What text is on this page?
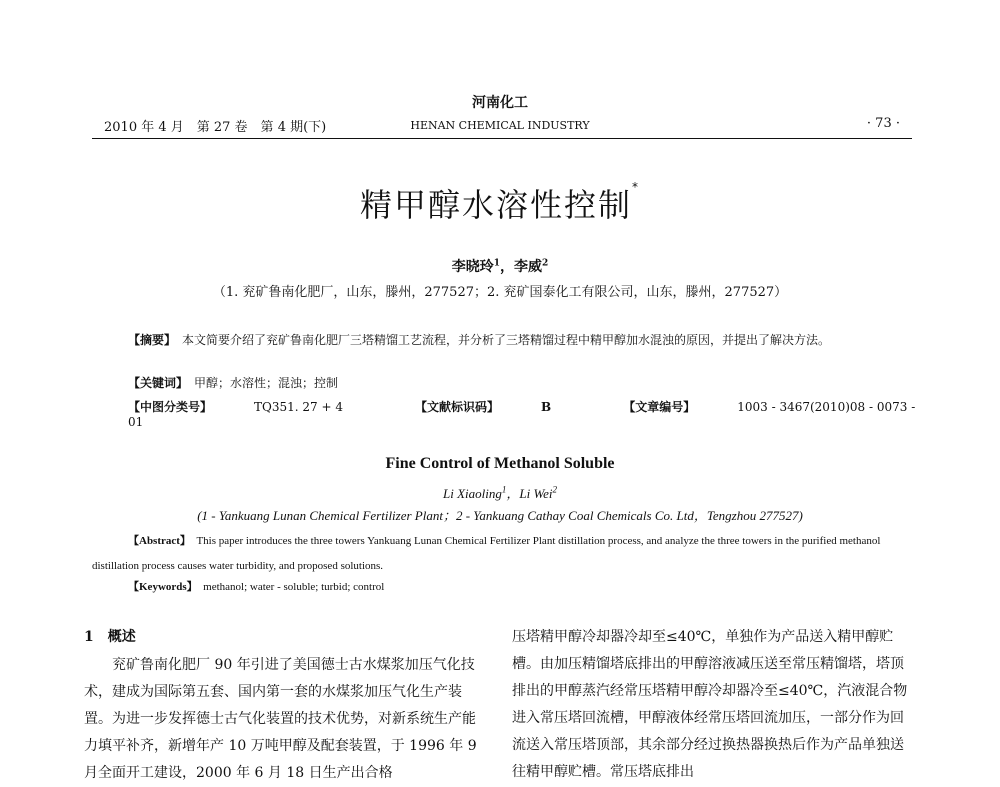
河南化工
2010 年 4 月　第 27 卷　第 4 期(下)	HENAN CHEMICAL INDUSTRY	· 73 ·
精甲醇水溶性控制*
李晓玲$^1$，李威$^2$
（1. 兖矿鲁南化肥厂，山东，滕州，277527；2. 兖矿国泰化工有限公司，山东，滕州，277527）
【摘要】　 本文简要介绍了兖矿鲁南化肥厂三塔精馏工艺流程，并分析了三塔精馏过程中精甲醇加水混浊的原因，并提出了解决方法。
【关键词】　 甲醇；水溶性；混浊；控制
【中图分类号】　	TQ351. 27 + 4	【文献标识码】　	B	【文章编号】　	1003 - 3467(2010)08 - 0073 - 01
Fine Control of Methanol Soluble
Li Xiaoling$^1$，Li Wei$^2$
(1 - Yankuang Lunan Chemical Fertilizer Plant；2 - Yankuang Cathay Coal Chemicals Co. Ltd，Tengzhou 277527)
【Abstract】　 This paper introduces the three towers Yankuang Lunan Chemical Fertilizer Plant distillation process, and analyze the three towers in the purified methanol distillation process causes water turbidity, and proposed solutions.
【Keywords】　 methanol; water - soluble; turbid; control
1　概述
兖矿鲁南化肥厂 90 年引进了美国德士古水煤浆加压气化技术，建成为国际第五套、国内第一套的水煤浆加压气化生产装置。为进一步发挥德士古气化装置的技术优势，对新系统生产能力填平补齐，新增年产 10 万吨甲醇及配套装置，于 1996 年 9 月全面开工建设，2000 年 6 月 18 日生产出合格
压塔精甲醇冷却器冷却至≤40℃，单独作为产品送入精甲醇贮槽。由加压精馏塔底排出的甲醇溶液减压送至常压精馏塔，塔顶排出的甲醇蒸汽经常压塔精甲醇冷却器冷至≤40℃，汽液混合物进入常压塔回流槽，甲醇液体经常压塔回流加压，一部分作为回流送入常压塔顶部，其余部分经过换热器换热后作为产品单独送往精甲醇贮槽。常压塔底排出
